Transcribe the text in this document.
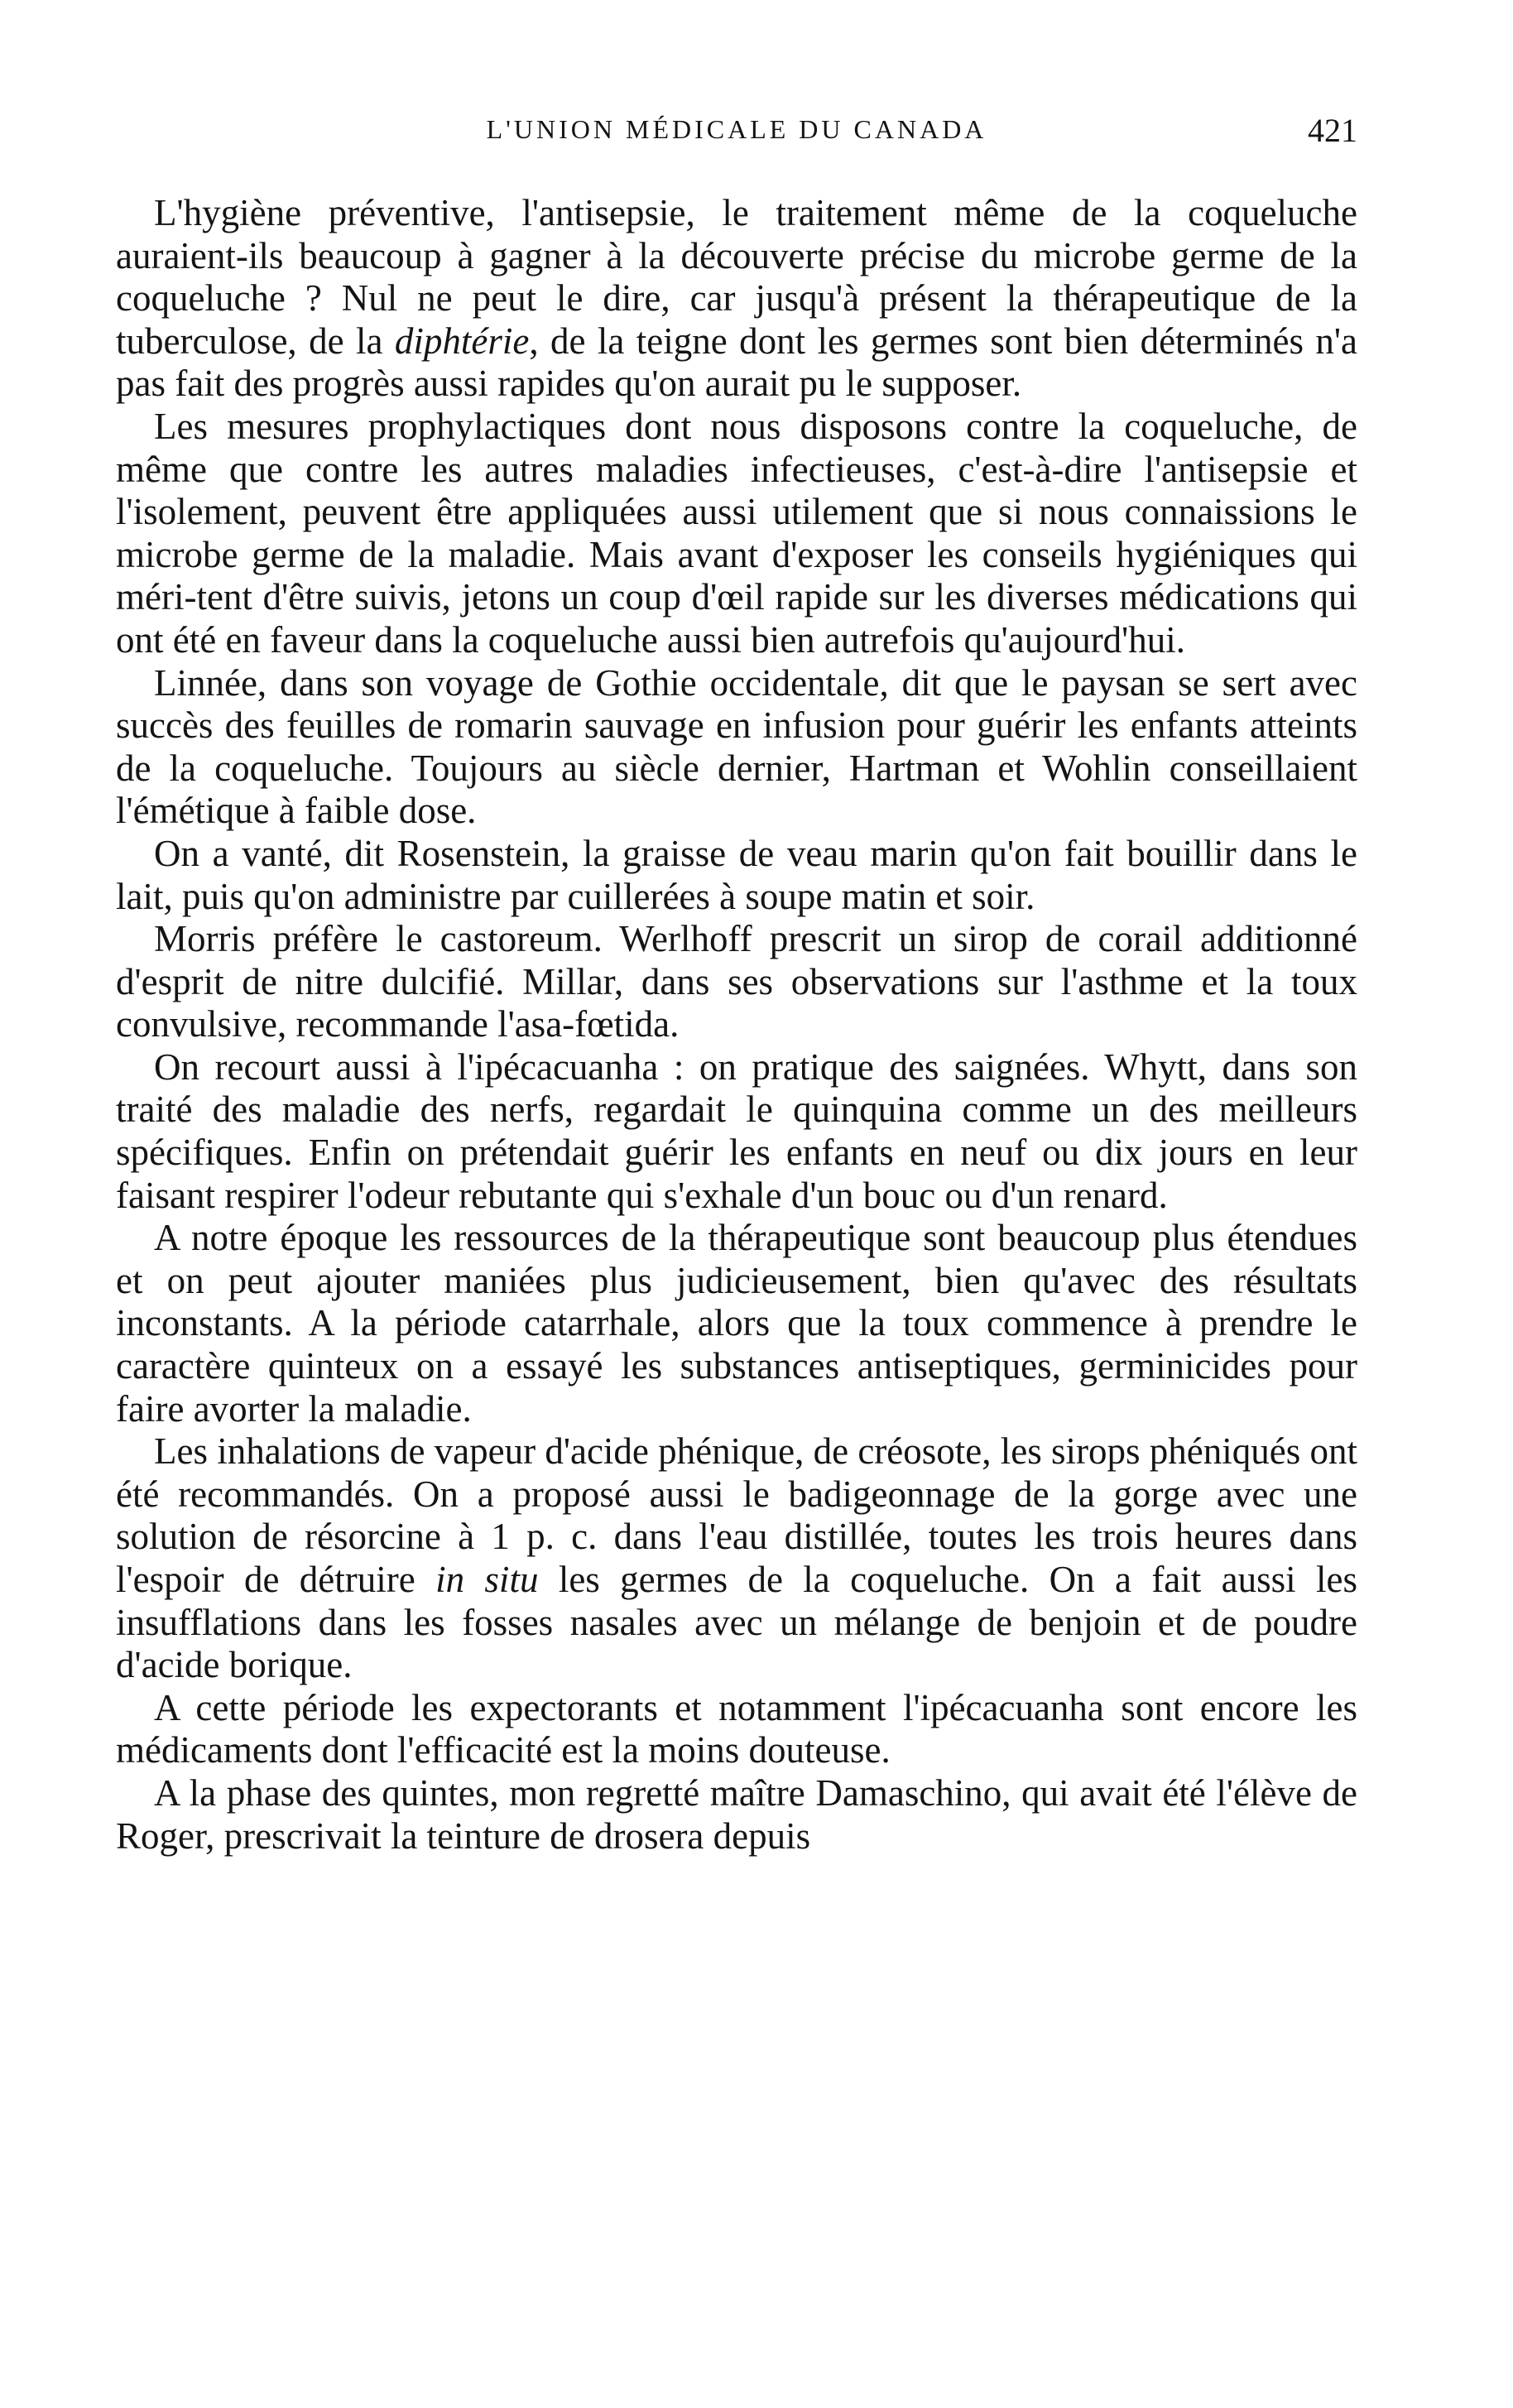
L'UNION MÉDICALE DU CANADA	421

L'hygiène préventive, l'antisepsie, le traitement même de la coqueluche auraient-ils beaucoup à gagner à la découverte précise du microbe germe de la coqueluche ? Nul ne peut le dire, car jusqu'à présent la thérapeutique de la tuberculose, de la diphtérie, de la teigne dont les germes sont bien déterminés n'a pas fait des progrès aussi rapides qu'on aurait pu le supposer.

Les mesures prophylactiques dont nous disposons contre la coqueluche, de même que contre les autres maladies infectieuses, c'est-à-dire l'antisepsie et l'isolement, peuvent être appliquées aussi utilement que si nous connaissions le microbe germe de la maladie. Mais avant d'exposer les conseils hygiéniques qui méri-tent d'être suivis, jetons un coup d'œil rapide sur les diverses médications qui ont été en faveur dans la coqueluche aussi bien autrefois qu'aujourd'hui.

Linnée, dans son voyage de Gothie occidentale, dit que le paysan se sert avec succès des feuilles de romarin sauvage en infusion pour guérir les enfants atteints de la coqueluche. Toujours au siècle dernier, Hartman et Wohlin conseillaient l'émétique à faible dose.

On a vanté, dit Rosenstein, la graisse de veau marin qu'on fait bouillir dans le lait, puis qu'on administre par cuillerées à soupe matin et soir.

Morris préfère le castoreum. Werlhoff prescrit un sirop de corail additionné d'esprit de nitre dulcifié. Millar, dans ses observations sur l'asthme et la toux convulsive, recommande l'asa-fœtida.

On recourt aussi à l'ipécacuanha : on pratique des saignées. Whytt, dans son traité des maladie des nerfs, regardait le quinquina comme un des meilleurs spécifiques. Enfin on prétendait guérir les enfants en neuf ou dix jours en leur faisant respirer l'odeur rebutante qui s'exhale d'un bouc ou d'un renard.

A notre époque les ressources de la thérapeutique sont beaucoup plus étendues et on peut ajouter maniées plus judicieusement, bien qu'avec des résultats inconstants. A la période catarrhale, alors que la toux commence à prendre le caractère quinteux on a essayé les substances antiseptiques, germinicides pour faire avorter la maladie.

Les inhalations de vapeur d'acide phénique, de créosote, les sirops phéniqués ont été recommandés. On a proposé aussi le badigeonnage de la gorge avec une solution de résorcine à 1 p. c. dans l'eau distillée, toutes les trois heures dans l'espoir de détruire in situ les germes de la coqueluche. On a fait aussi les insufflations dans les fosses nasales avec un mélange de benjoin et de poudre d'acide borique.

A cette période les expectorants et notamment l'ipécacuanha sont encore les médicaments dont l'efficacité est la moins douteuse.

A la phase des quintes, mon regretté maître Damaschino, qui avait été l'élève de Roger, prescrivait la teinture de drosera depuis
